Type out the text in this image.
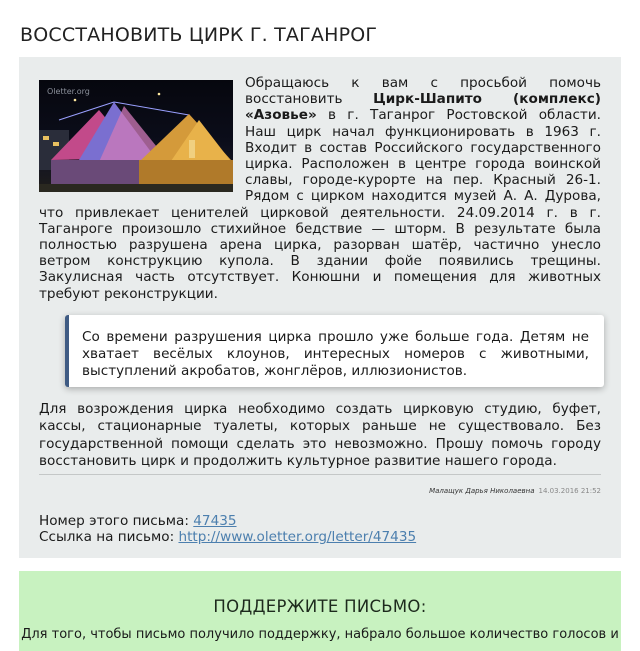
ВОССТАНОВИТЬ ЦИРК Г. ТАГАНРОГ
Oletter.org

Обращаюсь к вам с просьбой помочь восстановить Цирк-Шапито (комплекс) «Азовье» в г. Таганрог Ростовской области. Наш цирк начал функционировать в 1963 г. Входит в состав Российского государственного цирка. Расположен в центре города воинской славы, городе-курорте на пер. Красный 26-1. Рядом с цирком находится музей А. А. Дурова, что привлекает ценителей цирковой деятельности. 24.09.2014 г. в г. Таганроге произошло стихийное бедствие — шторм. В результате была полностью разрушена арена цирка, разорван шатёр, частично унесло ветром конструкцию купола. В здании фойе появились трещины. Закулисная часть отсутствует. Конюшни и помещения для животных требуют реконструкции.

Со времени разрушения цирка прошло уже больше года. Детям не хватает весёлых клоунов, интересных номеров с животными, выступлений акробатов, жонглёров, иллюзионистов.

Для возрождения цирка необходимо создать цирковую студию, буфет, кассы, стационарные туалеты, которых раньше не существовало. Без государственной помощи сделать это невозможно. Прошу помочь городу восстановить цирк и продолжить культурное развитие нашего города.

Малащук Дарья Николаевна 14.03.2016 21:52

Номер этого письма: 47435

Ссылка на письмо: http://www.oletter.org/letter/47435

ПОДДЕРЖИТЕ ПИСЬМО:

Для того, чтобы письмо получило поддержку, набрало большое количество голосов и
